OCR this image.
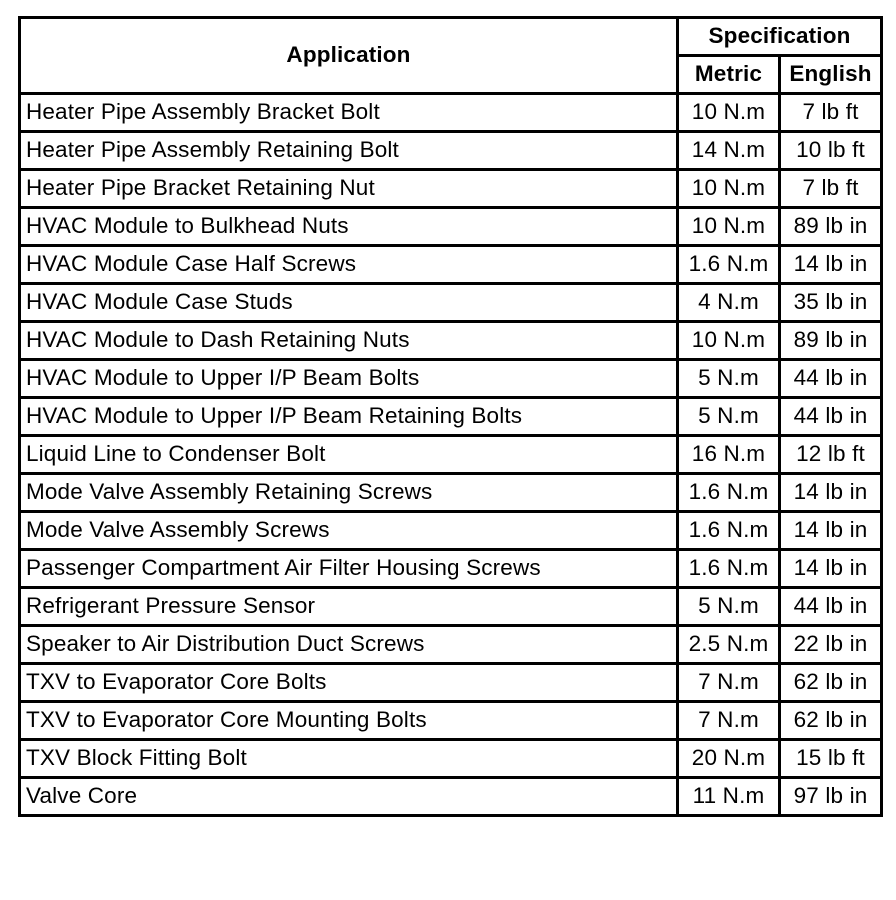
Application	Specification	
	Metric	English
Heater Pipe Assembly Bracket Bolt	10 N.m	7 lb ft
Heater Pipe Assembly Retaining Bolt	14 N.m	10 lb ft
Heater Pipe Bracket Retaining Nut	10 N.m	7 lb ft
HVAC Module to Bulkhead Nuts	10 N.m	89 lb in
HVAC Module Case Half Screws	1.6 N.m	14 lb in
HVAC Module Case Studs	4 N.m	35 lb in
HVAC Module to Dash Retaining Nuts	10 N.m	89 lb in
HVAC Module to Upper I/P Beam Bolts	5 N.m	44 lb in
HVAC Module to Upper I/P Beam Retaining Bolts	5 N.m	44 lb in
Liquid Line to Condenser Bolt	16 N.m	12 lb ft
Mode Valve Assembly Retaining Screws	1.6 N.m	14 lb in
Mode Valve Assembly Screws	1.6 N.m	14 lb in
Passenger Compartment Air Filter Housing Screws	1.6 N.m	14 lb in
Refrigerant Pressure Sensor	5 N.m	44 lb in
Speaker to Air Distribution Duct Screws	2.5 N.m	22 lb in
TXV to Evaporator Core Bolts	7 N.m	62 lb in
TXV to Evaporator Core Mounting Bolts	7 N.m	62 lb in
TXV Block Fitting Bolt	20 N.m	15 lb ft
Valve Core	11 N.m	97 lb in
